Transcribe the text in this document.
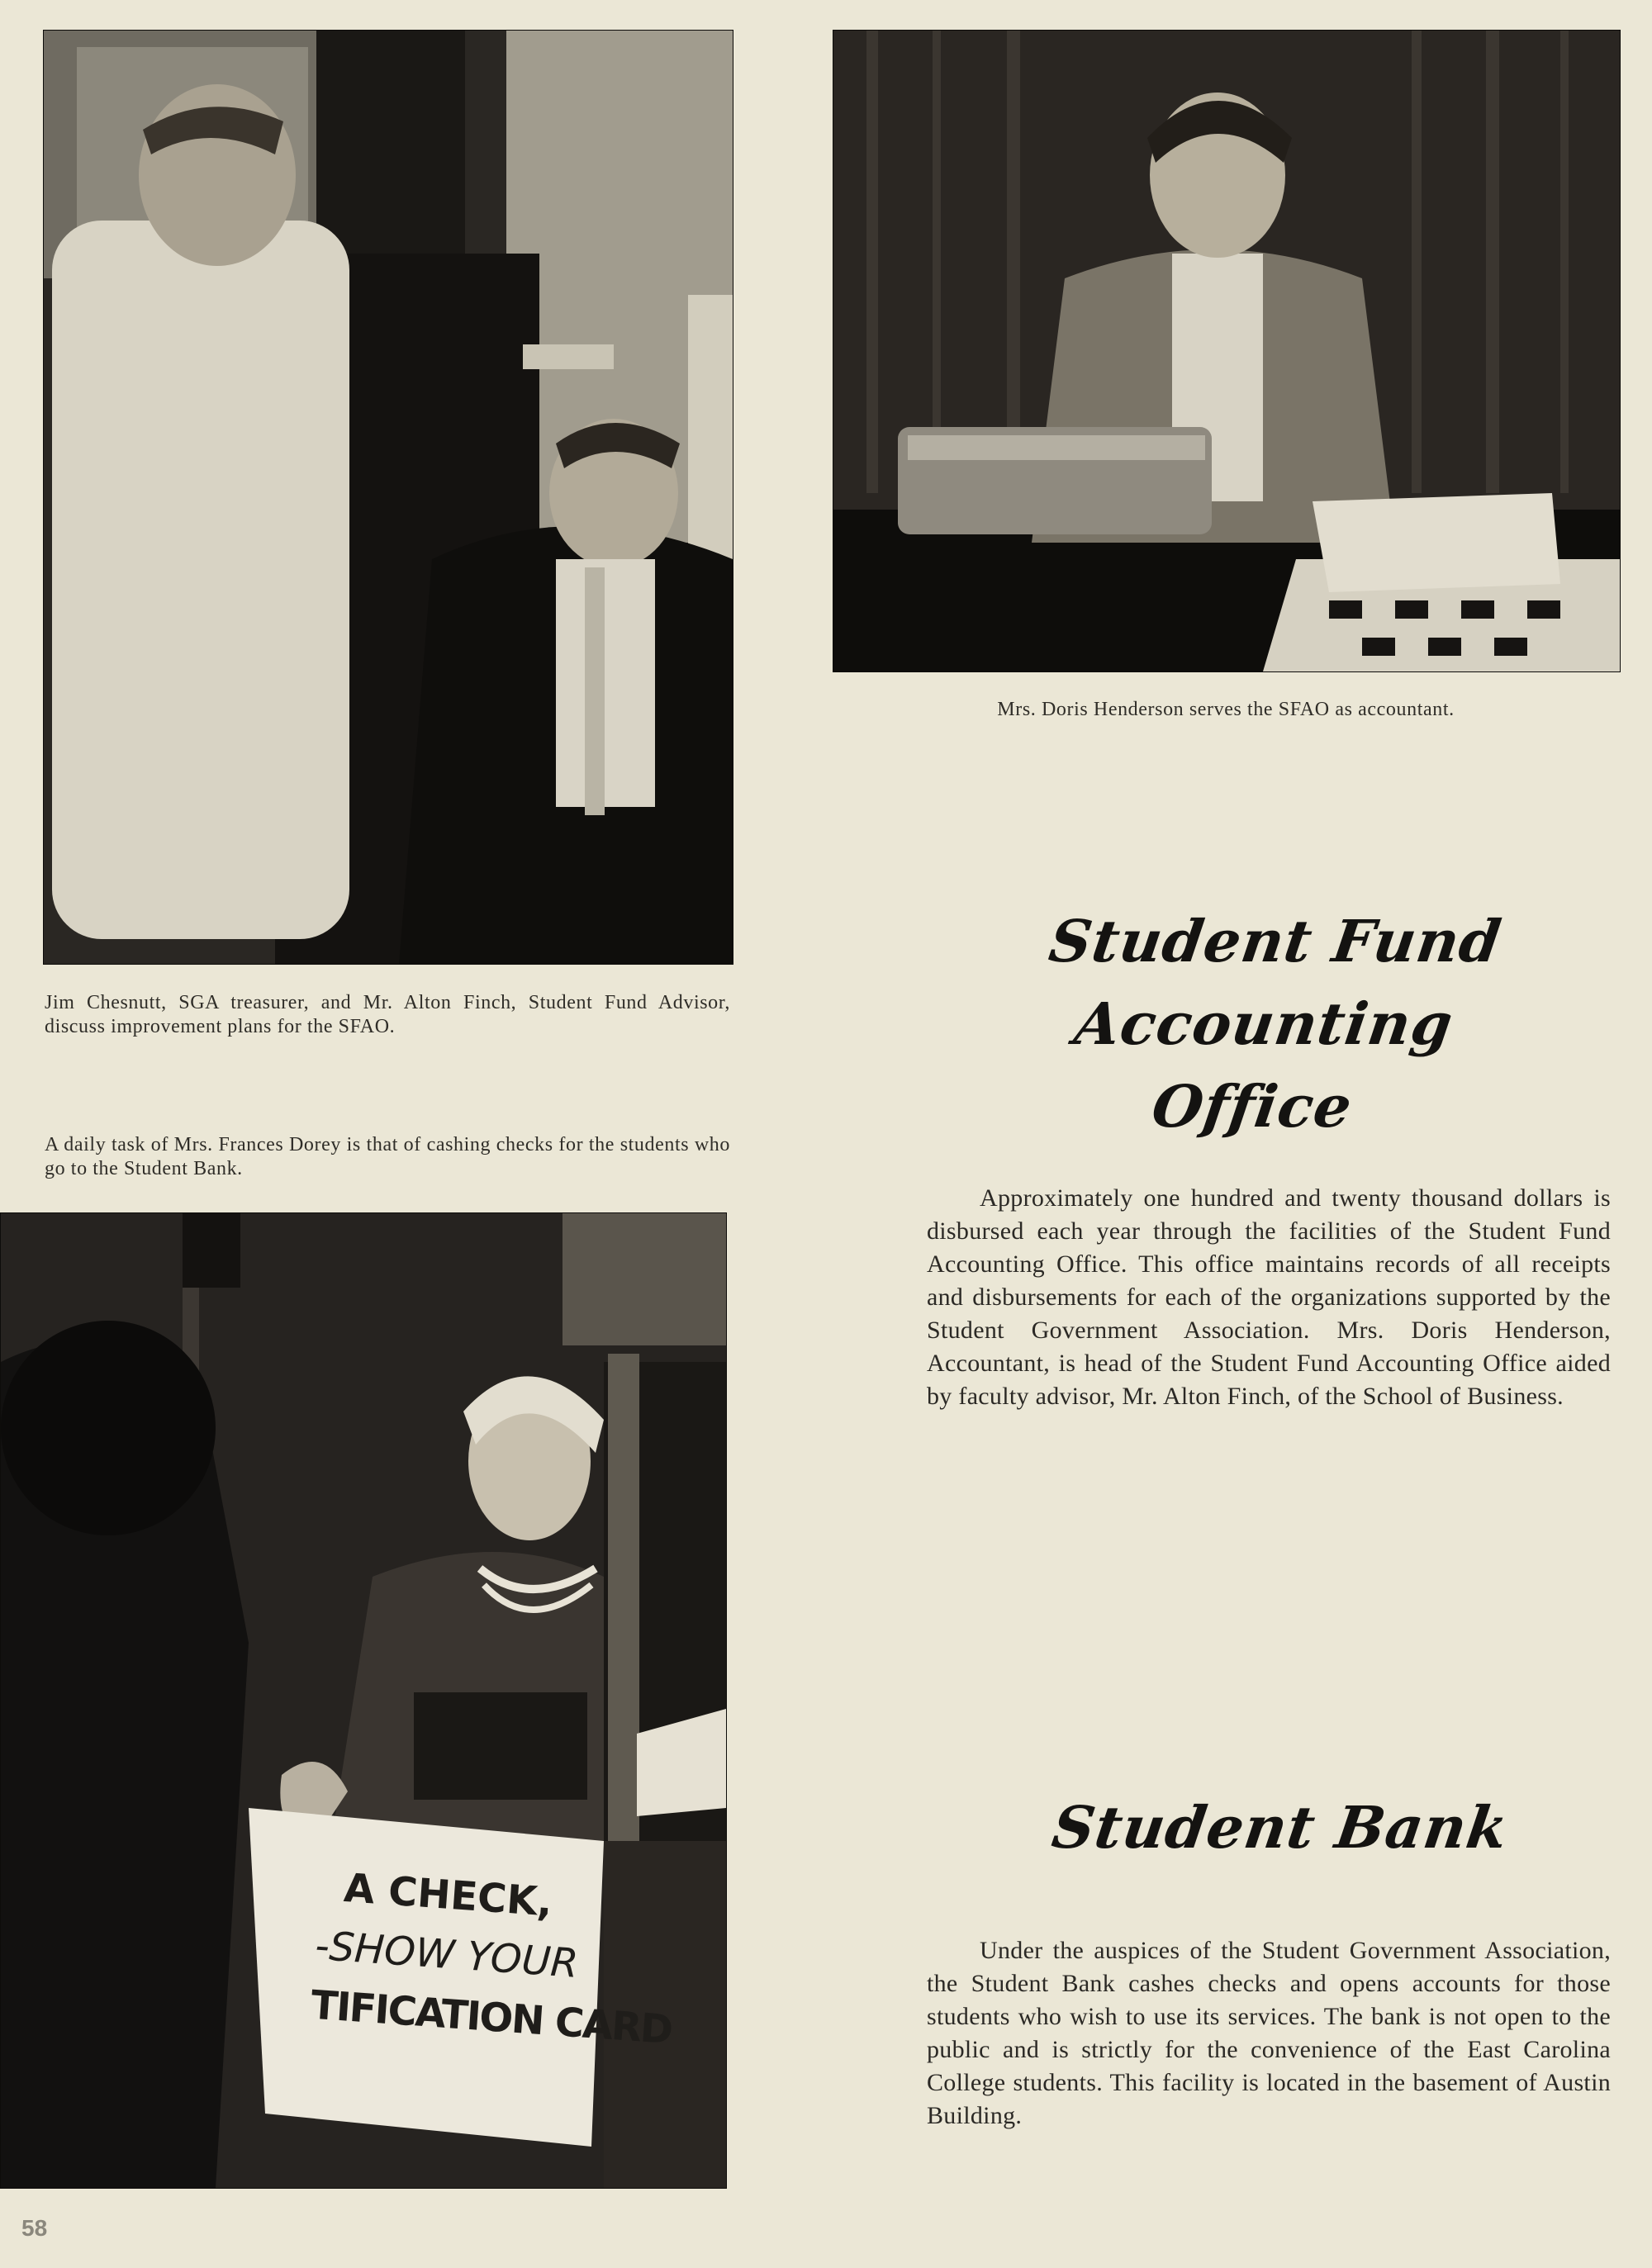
A CHECK,
-SHOW YOUR
TIFICATION CARD
Jim Chesnutt, SGA treasurer, and Mr. Alton Finch, Student Fund Advisor, discuss improvement plans for the SFAO.
Mrs. Doris Henderson serves the SFAO as accountant.
A daily task of Mrs. Frances Dorey is that of cashing checks for the students who go to the Student Bank.
Student Fund Accounting
Office
Approximately one hundred and twenty thousand dollars is disbursed each year through the facilities of the Student Fund Accounting Office. This office maintains records of all receipts and disbursements for each of the organizations supported by the Student Government Association. Mrs. Doris Henderson, Accountant, is head of the Student Fund Accounting Office aided by faculty advisor, Mr. Alton Finch, of the School of Business.
Student Bank
Under the auspices of the Student Government Association, the Student Bank cashes checks and opens accounts for those students who wish to use its services. The bank is not open to the public and is strictly for the convenience of the East Carolina College students. This facility is located in the basement of Austin Building.
58
